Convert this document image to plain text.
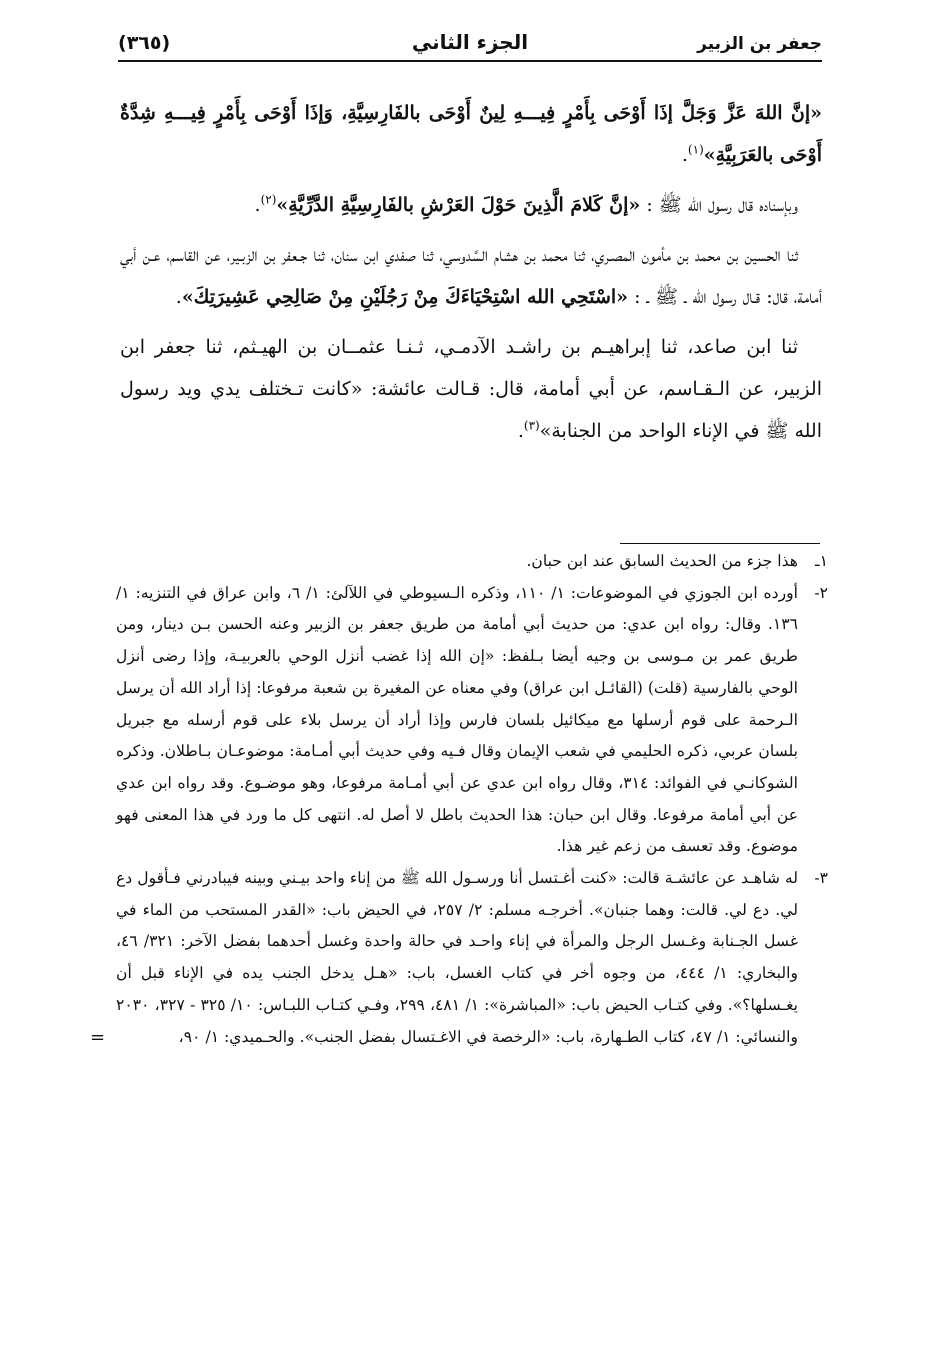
جعفر بن الزبير
الجزء الثاني
(٣٦٥)

«إنَّ اللهَ عَزَّ وَجَلَّ إذَا أَوْحَى بِأَمْرٍ فِيـــهِ لِينٌ أَوْحَى بالفَارِسِيَّةِ، وَإذَا أَوْحَى بِأَمْرٍ فِيـــهِ شِدَّةٌ أَوْحَى بالعَرَبِيَّةِ»$^{(١)}$.

وبإسناده قال رسول الله ﷺ : «إنَّ كَلامَ الَّذِينَ حَوْلَ العَرْشِ بالفَارِسِيَّةِ الدَّرِّيَّةِ»$^{(٢)}$.

ثنا الحسين بن محمد بن مأمون المصـري، ثنا محمد بن هشام السَّدوسي، ثنا صفدي ابن سنان، ثنا جـعفر بن الزبـير، عن القاسم، عـن أبي أمامة، قال: قـال رسول الله ـ ﷺ ـ : «اسْتَحِي الله اسْتِحْيَاءَكَ مِنْ رَجُلَيْنِ مِنْ صَالِحِي عَشِيرَتِكَ».

ثنا ابن صاعد، ثنا إبراهيـم بن راشـد الآدمـي، ثـنـا عثمــان بن الهيـثم، ثنا جعفر ابن الزبير، عن الـقـاسم، عن أبي أمامة، قال: قـالت عائشة: «كانت تـختلف يدي ويد رسول الله ﷺ في الإناء الواحد من الجنابة»$^{(٣)}$.

١ـ
هذا جزء من الحديث السابق عند ابن حبان.
٢-
أورده ابن الجوزي في الموضوعات: ١/ ١١٠، وذكره الـسيوطي في اللآلئ: ١/ ٦، وابن عراق في التنزيه: ١/ ١٣٦. وقال: رواه ابن عدي: من حديث أبي أمامة من طريق جعفر بن الزبير وعنه الحسن بـن دينار، ومن طريق عمر بن مـوسى بن وجيه أيضا بـلفظ: «إن الله إذا غضب أنزل الوحي بالعربيـة، وإذا رضى أنزل الوحي بالفارسية (قلت) (القائـل ابن عراق) وفي معناه عن المغيرة بن شعبة مرفوعا: إذا أراد الله أن يرسل الـرحمة على قوم أرسلها مع ميكائيل بلسان فارس وإذا أراد أن يرسل بلاء على قوم أرسله مع جبريل بلسان عربي، ذكره الحليمي في شعب الإيمان وقال فـيه وفي حديث أبي أمـامة: موضوعـان بـاطلان. وذكره الشوكانـي في الفوائد: ٣١٤، وقال رواه ابن عدي عن أبي أمـامة مرفوعا، وهو موضـوع. وقد رواه ابن عدي عن أبي أمامة مرفوعا. وقال ابن حبان: هذا الحديث باطل لا أصل له. انتهى كل ما ورد في هذا المعنى فهو موضوع. وقد تعسف من زعم غير هذا.
٣-
له شاهـد عن عائشـة قالت: «كنت أغـتسل أنا ورسـول الله ﷺ من إناء واحد بيـني وبينه فيبادرني فـأقول دع لي. دع لي. قالت: وهما جنبان». أخرجـه مسلم: ٢/ ٢٥٧، في الحيض باب: «القدر المستحب من الماء في غسل الجـنابة وغـسل الرجل والمرأة في إناء واحـد في حالة واحدة وغسل أحدهما بفضل الآخر: ٣٢١/ ٤٦، والبخاري: ١/ ٤٤٤، من وجوه أخر في كتاب الغسل، باب: «هـل يدخل الجنب يده في الإناء قبل أن يغـسلها؟». وفي كتـاب الحيض باب: «المباشرة»: ١/ ٤٨١، ٢٩٩، وفـي كتـاب اللبـاس: ١٠/ ٣٢٥ - ٣٢٧، ٢٠٣٠ والنسائي: ١/ ٤٧، كتاب الطـهارة، باب: «الرخصة في الاغـتسال بفضل الجنب». والحـميدي: ١/ ٩٠،
=
